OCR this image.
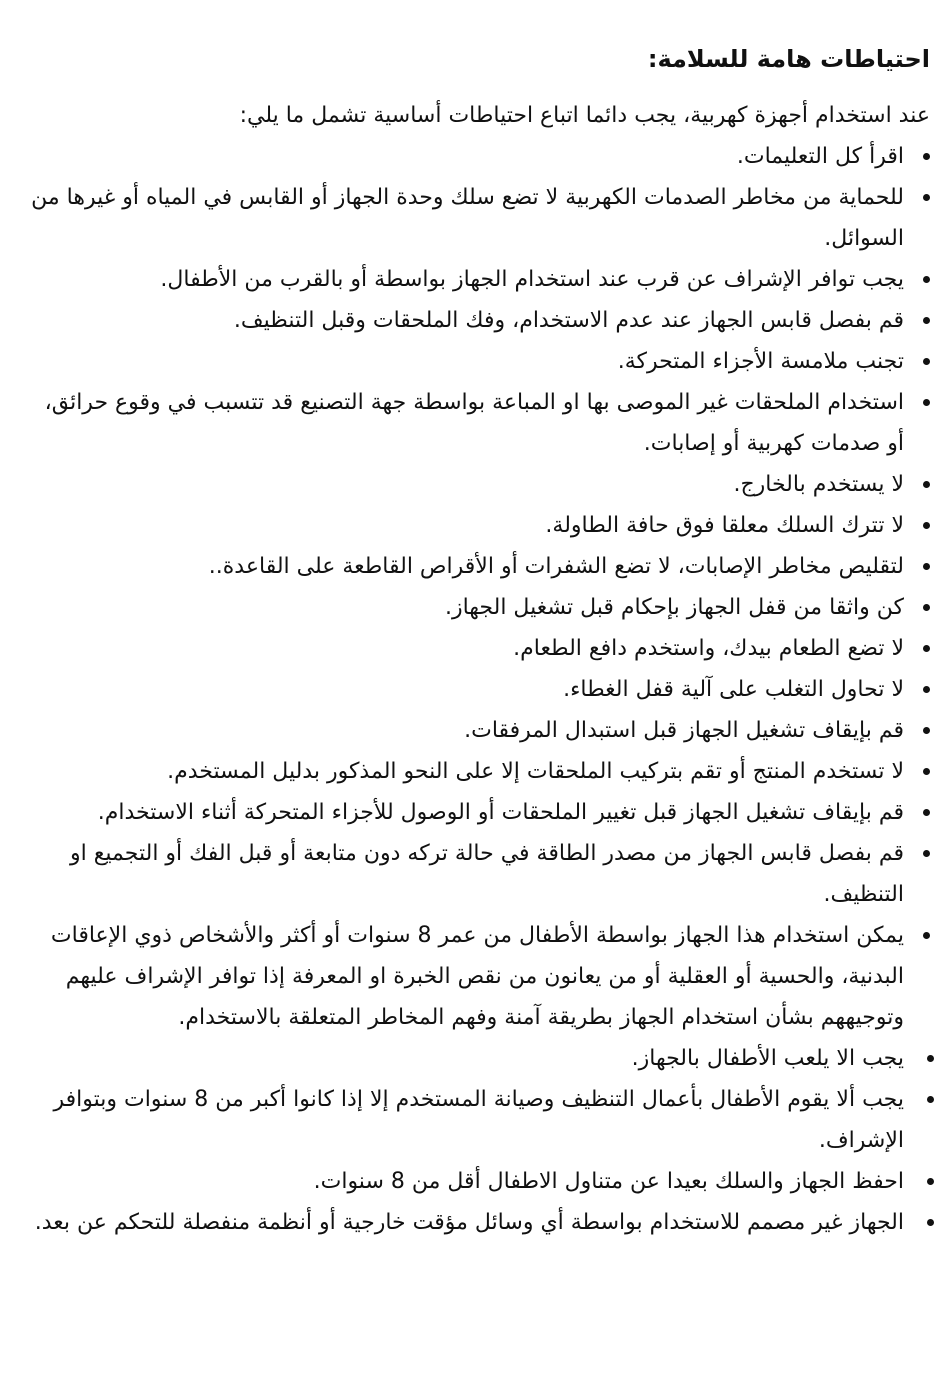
احتياطات هامة للسلامة:

عند استخدام أجهزة كهربية، يجب دائما اتباع احتياطات أساسية تشمل ما يلي:

اقرأ كل التعليمات.
للحماية من مخاطر الصدمات الكهربية لا تضع سلك وحدة الجهاز أو القابس في المياه أو غيرها من السوائل.
يجب توافر الإشراف عن قرب عند استخدام الجهاز بواسطة أو بالقرب من الأطفال.
قم بفصل قابس الجهاز عند عدم الاستخدام، وفك الملحقات وقبل التنظيف.
تجنب ملامسة الأجزاء المتحركة.
استخدام الملحقات غير الموصى بها او المباعة بواسطة جهة التصنيع قد تتسبب في وقوع حرائق، أو صدمات كهربية أو إصابات.
لا يستخدم بالخارج.
لا تترك السلك معلقا فوق حافة الطاولة.
لتقليص مخاطر الإصابات، لا تضع الشفرات أو الأقراص القاطعة على القاعدة..
كن واثقا من قفل الجهاز بإحكام قبل تشغيل الجهاز.
لا تضع الطعام بيدك، واستخدم دافع الطعام.
لا تحاول التغلب على آلية قفل الغطاء.
قم بإيقاف تشغيل الجهاز قبل استبدال المرفقات.
لا تستخدم المنتج أو تقم بتركيب الملحقات إلا على النحو المذكور بدليل المستخدم.
قم بإيقاف تشغيل الجهاز قبل تغيير الملحقات أو الوصول للأجزاء المتحركة أثناء الاستخدام.
قم بفصل قابس الجهاز من مصدر الطاقة في حالة تركه دون متابعة أو قبل الفك أو التجميع او التنظيف.
يمكن استخدام هذا الجهاز بواسطة الأطفال من عمر 8 سنوات أو أكثر والأشخاص ذوي الإعاقات البدنية، والحسية أو العقلية أو من يعانون من نقص الخبرة او المعرفة إذا توافر الإشراف عليهم وتوجيههم بشأن استخدام الجهاز بطريقة آمنة وفهم المخاطر المتعلقة بالاستخدام.
يجب الا يلعب الأطفال بالجهاز.
يجب ألا يقوم الأطفال بأعمال التنظيف وصيانة المستخدم إلا إذا كانوا أكبر من 8 سنوات وبتوافر الإشراف.
احفظ الجهاز والسلك بعيدا عن متناول الاطفال أقل من 8 سنوات.
الجهاز غير مصمم للاستخدام بواسطة أي وسائل مؤقت خارجية أو أنظمة منفصلة للتحكم عن بعد.
